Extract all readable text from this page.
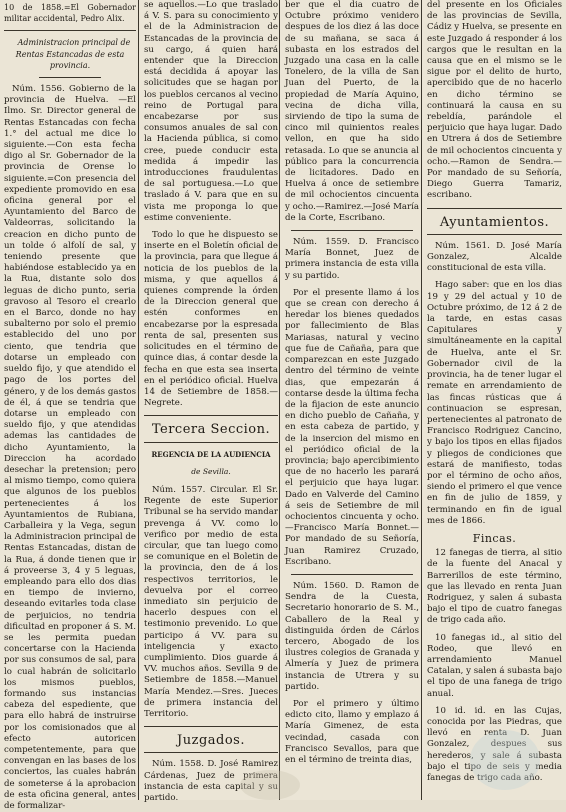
10 de 1858.=El Gobernador militar accidental, Pedro Alix.

Administracion principal de Rentas Estancadas de esta provincia.

Núm. 1556. Gobierno de la provincia de Huelva. —El Ilmo. Sr. Director general de Rentas Estancadas con fecha 1.° del actual me dice lo siguiente.—Con esta fecha digo al Sr. Gobernador de la provincia de Orense lo siguiente.=Con presencia del expediente promovido en esa oficina general por el Ayuntamiento del Barco de Valdeorras, solicitando la creacion en dicho punto de un tolde ó alfolí de sal, y teniendo presente que habiéndose establecido ya en la Rua, distante solo dos leguas de dicho punto, seria gravoso al Tesoro el crearlo en el Barco, donde no hay subalterno por solo el premio establecido del uno por ciento, que tendria que dotarse un empleado con sueldo fijo, y que atendido el pago de los portes del género, y de los demás gastos de él, á que se tendria que dotarse un empleado con sueldo fijo, y que atendidas ademas las cantidades de dicho Ayuntamiento, la Direccion ha acordado desechar la pretension; pero al mismo tiempo, como quiera que algunos de los pueblos pertenecientes á los Ayuntamientos de Rubiana, Carballeira y la Vega, segun la Administracion principal de Rentas Estancadas, distan de la Rua, á donde tienen que ir á proveerse 3, 4 y 5 leguas, empleando para ello dos dias en tiempo de invierno, deseando evitarles toda clase de perjuicios, no tendria dificultad en proponer á S. M. se les permita puedan concertarse con la Hacienda por sus consumos de sal, para lo cual habrán de solicitarlo los mismos pueblos, formando sus instancias cabeza del espediente, que para ello habrá de instruirse por los comisionados que al efecto autoricen competentemente, para que convengan en las bases de los conciertos, las cuales habrán de someterse á la aprobacion de esta oficina general, antes de formalizar-

se aquellos.—Lo que traslado á V. S. para su conocimiento y el de la Administracion de Estancadas de la provincia de su cargo, á quien hará entender que la Direccion está decidida á apoyar las solicitudes que se hagan por los pueblos cercanos al vecino reino de Portugal para encabezarse por sus consumos anuales de sal con la Hacienda pública, si como cree, puede conducir esta medida á impedir las introducciones fraudulentas de sal portuguesa.—Lo que traslado á V. para que en su vista me proponga lo que estime conveniente.

Todo lo que he dispuesto se inserte en el Boletín oficial de la provincia, para que llegue á noticia de los pueblos de la misma, y que aquellos á quienes comprende la órden de la Direccion general que estén conformes en encabezarse por la espresada renta de sal, presenten sus solicitudes en el término de quince dias, á contar desde la fecha en que esta sea inserta en el periódico oficial. Huelva 14 de Setiembre de 1858.—Negrete.

Tercera Seccion.
REGENCIA DE LA AUDIENCIA
de Sevilla.

Núm. 1557. Circular. El Sr. Regente de este Superior Tribunal se ha servido mandar prevenga á VV. como lo verifico por medio de esta circular, que tan luego como se comunique en el Boletin de la provincia, den de á los respectivos territorios, le devuelva por el correo inmediato sin perjuicio de hacerlo despues con el testimonio prevenido. Lo que participo á VV. para su inteligencia y exacto cumplimiento. Dios guarde á VV. muchos años. Sevilla 9 de Setiembre de 1858.—Manuel María Mendez.—Sres. Jueces de primera instancia del Territorio.

Juzgados.

Núm. 1558. D. José Ramirez Cárdenas, Juez de primera instancia de esta capital y su partido.

ber que el dia cuatro de Octubre próximo venidero despues de los diez á las doce de su mañana, se saca á subasta en los estrados del Juzgado una casa en la calle Tonelero, de la villa de San Juan del Puerto, de la propiedad de María Aquino, vecina de dicha villa, sirviendo de tipo la suma de cinco mil quinientos reales vellon, en que ha sido retasada. Lo que se anuncia al público para la concurrencia de licitadores. Dado en Huelva á once de setiembre de mil ochocientos cincuenta y ocho.—Ramirez.—José María de la Corte, Escribano.

Núm. 1559. D. Francisco María Bonnet, Juez de primera instancia de esta villa y su partido.

Por el presente llamo á los que se crean con derecho á heredar los bienes quedados por fallecimiento de Blas Mariasas, natural y vecino que fue de Cañaña, para que comparezcan en este Juzgado dentro del término de veinte dias, que empezarán á contarse desde la última fecha de la fijacion de este anuncio en dicho pueblo de Cañaña, y en esta cabeza de partido, y de la insercion del mismo en el periódico oficial de la provincia; bajo apercibimiento que de no hacerlo les parará el perjuicio que haya lugar. Dado en Valverde del Camino á seis de Setiembre de mil ochocientos cincuenta y ocho.—Francisco María Bonnet.—Por mandado de su Señoría, Juan Ramirez Cruzado, Escribano.

Núm. 1560. D. Ramon de Sendra de la Cuesta, Secretario honorario de S. M., Caballero de la Real y distinguida órden de Cárlos tercero, Abogado de los ilustres colegios de Granada y Almería y Juez de primera instancia de Utrera y su partido.

Por el primero y último edicto cito, llamo y emplazo á María Gimenez, de esta vecindad, casada con Francisco Sevallos, para que en el término de treinta dias,

del presente en los Oficiales de las provincias de Sevilla, Cádiz y Huelva, se presente en este Juzgado á responder á los cargos que le resultan en la causa que en el mismo se le sigue por el delito de hurto, apercibido que de no hacerlo en dicho término se continuará la causa en su rebeldía, parándole el perjuicio que haya lugar. Dado en Utrera á dos de Setiembre de mil ochocientos cincuenta y ocho.—Ramon de Sendra.—Por mandado de su Señoría, Diego Guerra Tamariz, escribano.

Ayuntamientos.

Núm. 1561. D. José María Gonzalez, Alcalde constitucional de esta villa.

Hago saber: que en los dias 19 y 29 del actual y 10 de Octubre próximo, de 12 á 2 de la tarde, en estas casas Capitulares y simultáneamente en la capital de Huelva, ante el Sr. Gobernador civil de la provincia, ha de tener lugar el remate en arrendamiento de las fincas rústicas que á continuacion se espresan, pertenecientes al patronato de Francisco Rodriguez Cancino, y bajo los tipos en ellas fijados y pliegos de condiciones que estará de manifiesto, todas por el término de ocho años, siendo el primero el que vence en fin de julio de 1859, y terminando en fin de igual mes de 1866.

Fincas.

12 fanegas de tierra, al sitio de la fuente del Anacal y Barrerillos de este término, que las llevado en renta Juan Rodriguez, y salen á subasta bajo el tipo de cuatro fanegas de trigo cada año.

10 fanegas id., al sitio del Rodeo, que llevó en arrendamiento Manuel Catalan, y salen á subasta bajo el tipo de una fanega de trigo anual.

10 id. id. en las Cujas, conocida por las Piedras, que llevó en renta D. Juan Gonzalez, despues sus herederos, y sale á subasta bajo el tipo de seis y media fanegas de trigo cada año.
